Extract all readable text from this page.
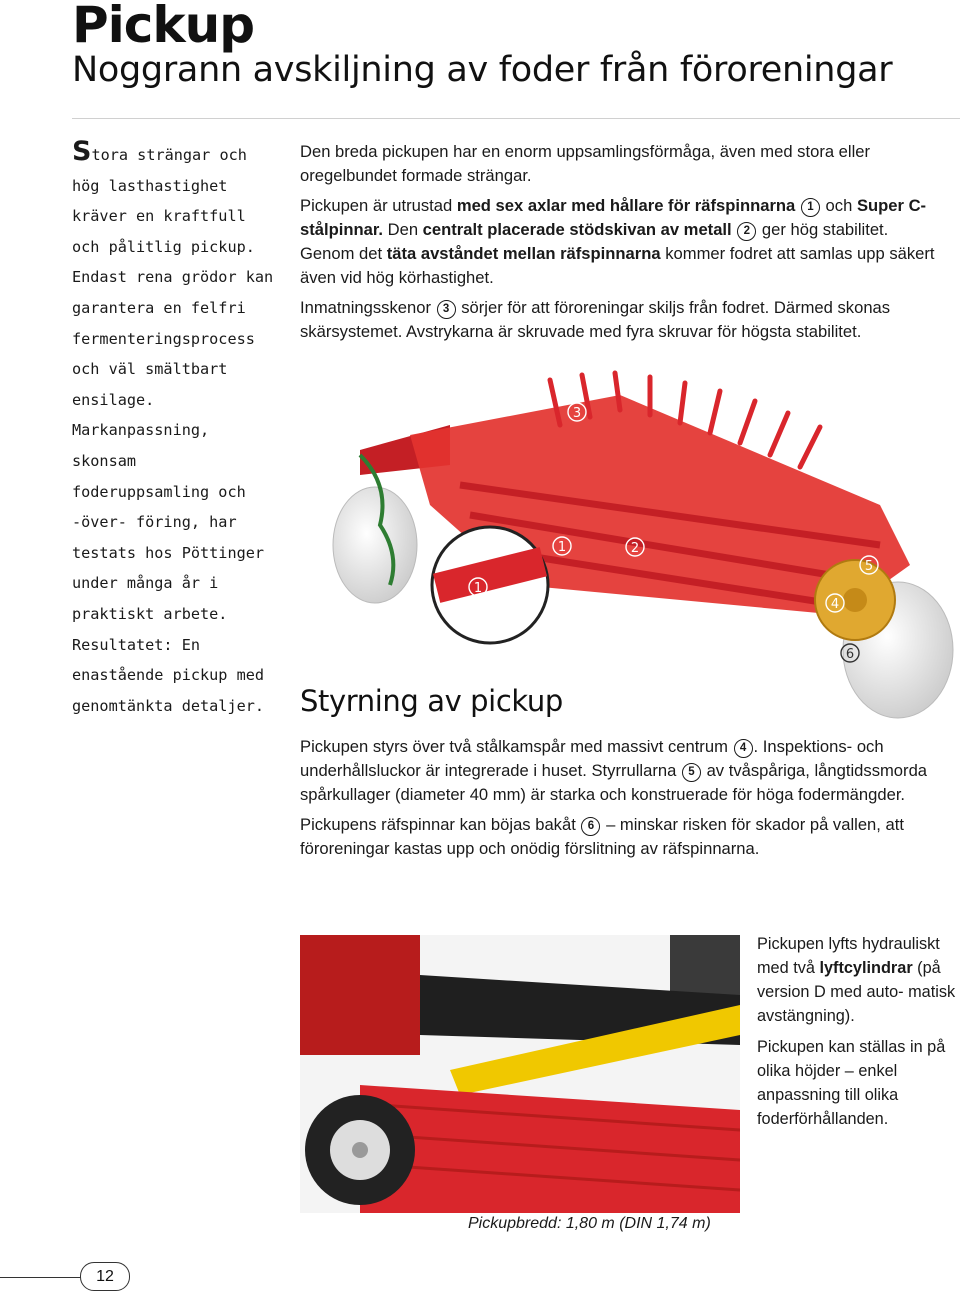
Pickup
Noggrann avskiljning av foder från föroreningar

Stora strängar och hög lasthastighet kräver en kraftfull och pålitlig pickup. Endast rena grödor kan garantera en felfri fermenteringsprocess och väl smältbart ensilage.

Markanpassning, skonsam foderuppsamling och -över- föring, har testats hos Pöttinger under många år i praktiskt arbete.

Resultatet: En enastående pickup med genomtänkta detaljer.

Den breda pickupen har en enorm uppsamlingsförmåga, även med stora eller oregelbundet formade strängar.

Pickupen är utrustad med sex axlar med hållare för räfspinnarna 1 och Super C-stålpinnar. Den centralt placerade stödskivan av metall 2 ger hög stabilitet.
Genom det täta avståndet mellan räfspinnarna kommer fodret att samlas upp säkert även vid hög körhastighet.

Inmatningsskenor 3 sörjer för att föroreningar skiljs från fodret. Därmed skonas skärsystemet. Avstrykarna är skruvade med fyra skruvar för högsta stabilitet.

3
1	2
1
5
4
6
Styrning av pickup

Pickupen styrs över två stålkamspår med massivt centrum 4 . Inspektions- och underhållsluckor är integrerade i huset. Styrrullarna 5 av tvåspåriga, långtidssmorda spårkullager (diameter 40 mm) är starka och konstruerade för höga fodermängder.

Pickupens räfspinnar kan böjas bakåt 6 – minskar risken för skador på vallen, att föroreningar kastas upp och onödig förslitning av räfspinnarna.

Pickupbredd: 1,80 m (DIN 1,74 m)

Pickupen lyfts hydrauliskt med två lyftcylindrar (på version D med auto- matisk avstängning).

Pickupen kan ställas in på olika höjder – enkel anpassning till olika foderförhållanden.

12
